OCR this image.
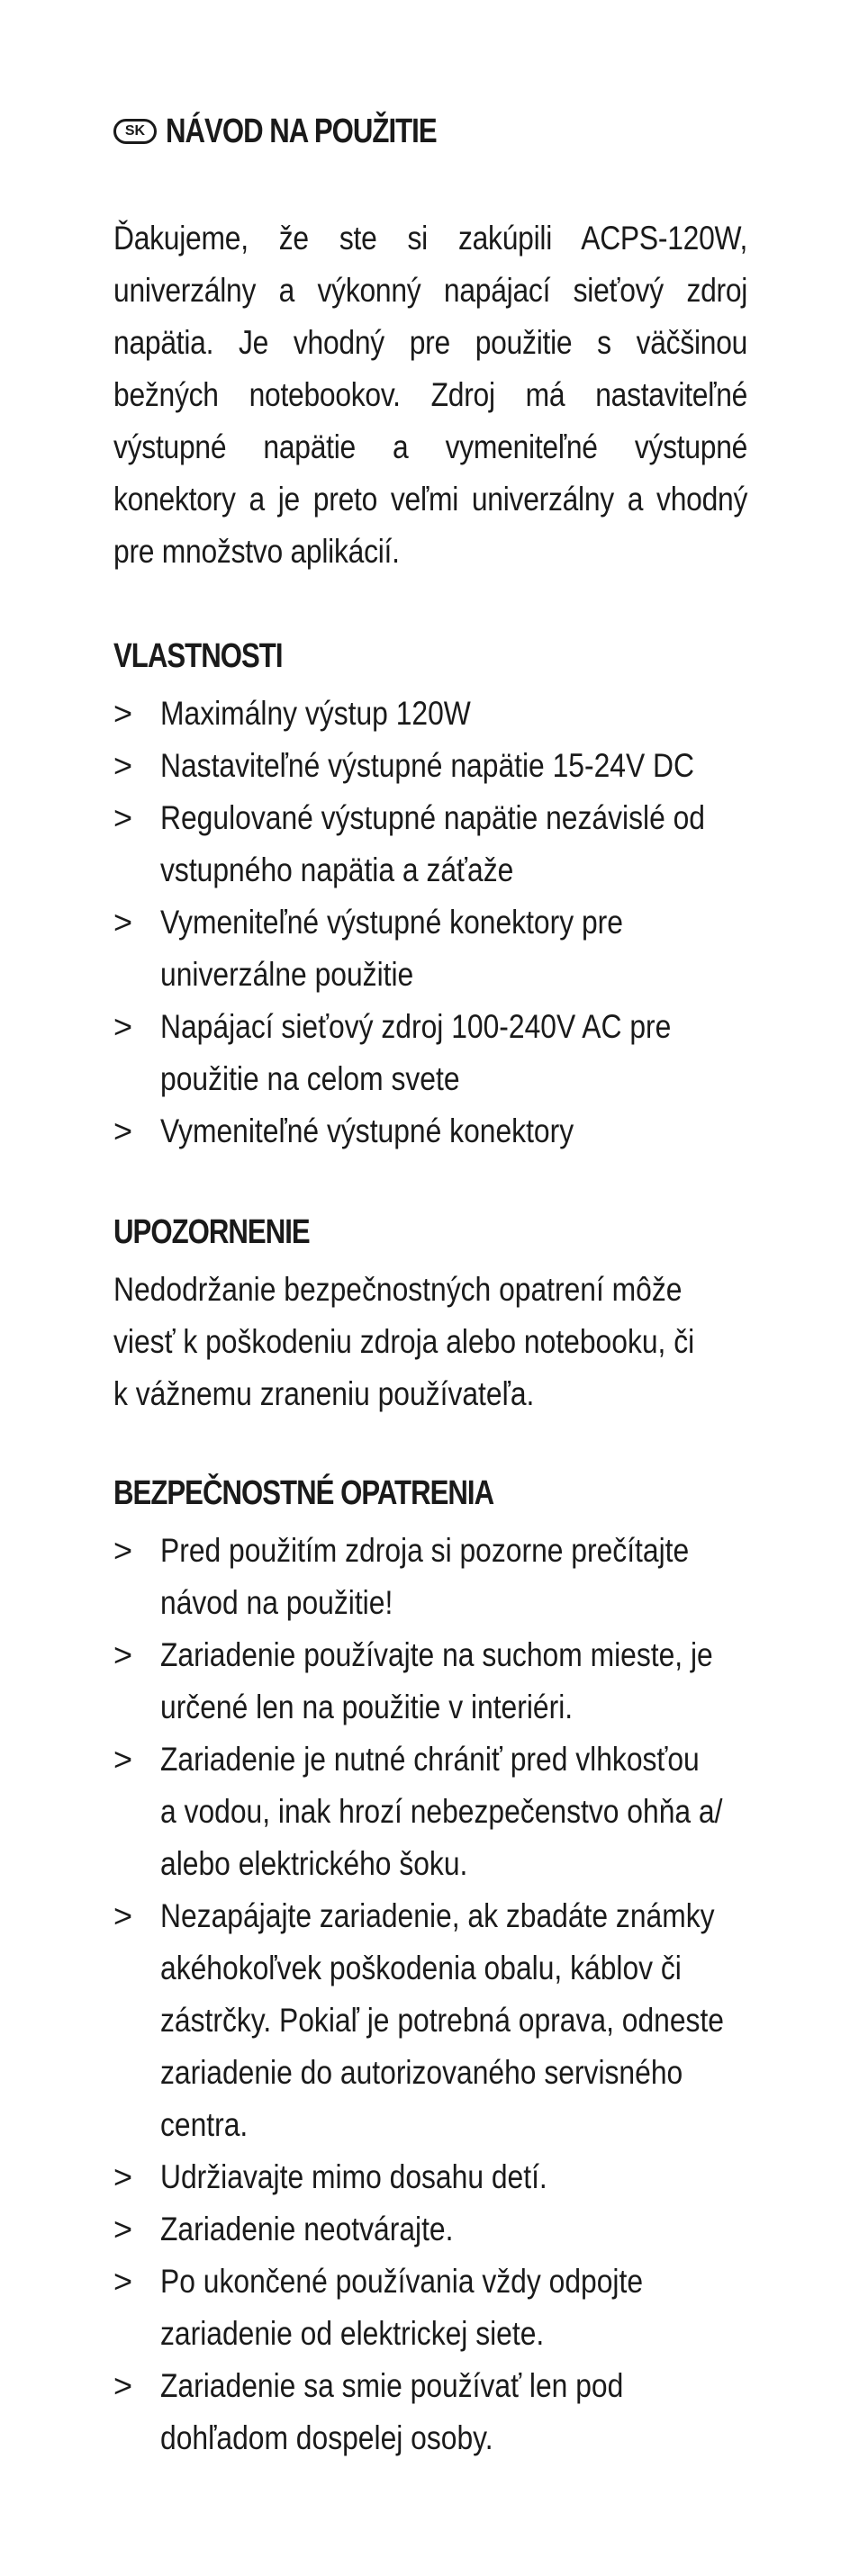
SK NÁVOD NA POUŽITIE
Ďakujeme, že ste si zakúpili ACPS-120W,
univerzálny a výkonný napájací sieťový zdroj
napätia. Je vhodný pre použitie s väčšinou
bežných notebookov. Zdroj má nastaviteľné
výstupné napätie a vymeniteľné výstupné
konektory a je preto veľmi univerzálny a vhodný
pre množstvo aplikácií.
VLASTNOSTI
> Maximálny výstup 120W
> Nastaviteľné výstupné napätie 15-24V DC
> Regulované výstupné napätie nezávislé od
vstupného napätia a záťaže
> Vymeniteľné výstupné konektory pre
univerzálne použitie
> Napájací sieťový zdroj 100-240V AC pre
použitie na celom svete
> Vymeniteľné výstupné konektory
UPOZORNENIE
Nedodržanie bezpečnostných opatrení môže
viesť k poškodeniu zdroja alebo notebooku, či
k vážnemu zraneniu používateľa.
BEZPEČNOSTNÉ OPATRENIA
> Pred použitím zdroja si pozorne prečítajte
návod na použitie!
> Zariadenie používajte na suchom mieste, je
určené len na použitie v interiéri.
> Zariadenie je nutné chrániť pred vlhkosťou
a vodou, inak hrozí nebezpečenstvo ohňa a/
alebo elektrického šoku.
> Nezapájajte zariadenie, ak zbadáte známky
akéhokoľvek poškodenia obalu, káblov či
zástrčky. Pokiaľ je potrebná oprava, odneste
zariadenie do autorizovaného servisného
centra.
> Udržiavajte mimo dosahu detí.
> Zariadenie neotvárajte.
> Po ukončené používania vždy odpojte
zariadenie od elektrickej siete.
> Zariadenie sa smie používať len pod
dohľadom dospelej osoby.
